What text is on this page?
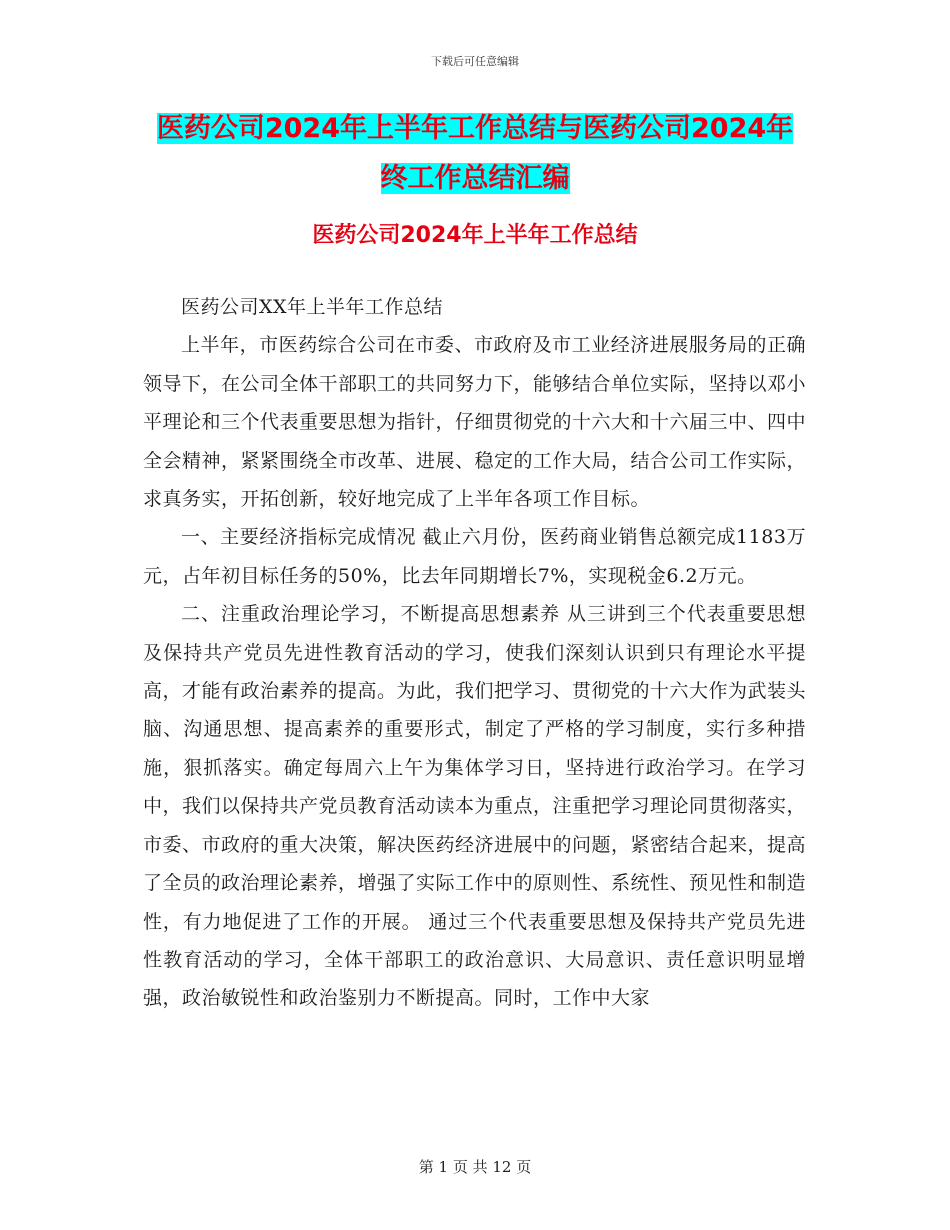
下载后可任意编辑
医药公司2024年上半年工作总结与医药公司2024年
终工作总结汇编
医药公司2024年上半年工作总结

医药公司XX年上半年工作总结

上半年，市医药综合公司在市委、市政府及市工业经济进展服务局的正确领导下，在公司全体干部职工的共同努力下，能够结合单位实际，坚持以邓小平理论和三个代表重要思想为指针，仔细贯彻党的十六大和十六届三中、四中全会精神，紧紧围绕全市改革、进展、稳定的工作大局，结合公司工作实际，求真务实，开拓创新，较好地完成了上半年各项工作目标。

一、主要经济指标完成情况 截止六月份，医药商业销售总额完成1183万元，占年初目标任务的50%，比去年同期增长7%，实现税金6.2万元。

二、注重政治理论学习，不断提高思想素养 从三讲到三个代表重要思想及保持共产党员先进性教育活动的学习，使我们深刻认识到只有理论水平提高，才能有政治素养的提高。为此，我们把学习、贯彻党的十六大作为武装头脑、沟通思想、提高素养的重要形式，制定了严格的学习制度，实行多种措施，狠抓落实。确定每周六上午为集体学习日，坚持进行政治学习。在学习中，我们以保持共产党员教育活动读本为重点，注重把学习理论同贯彻落实，市委、市政府的重大决策，解决医药经济进展中的问题，紧密结合起来，提高了全员的政治理论素养，增强了实际工作中的原则性、系统性、预见性和制造性，有力地促进了工作的开展。 通过三个代表重要思想及保持共产党员先进性教育活动的学习，全体干部职工的政治意识、大局意识、责任意识明显增强，政治敏锐性和政治鉴别力不断提高。同时，工作中大家

第 1 页 共 12 页
